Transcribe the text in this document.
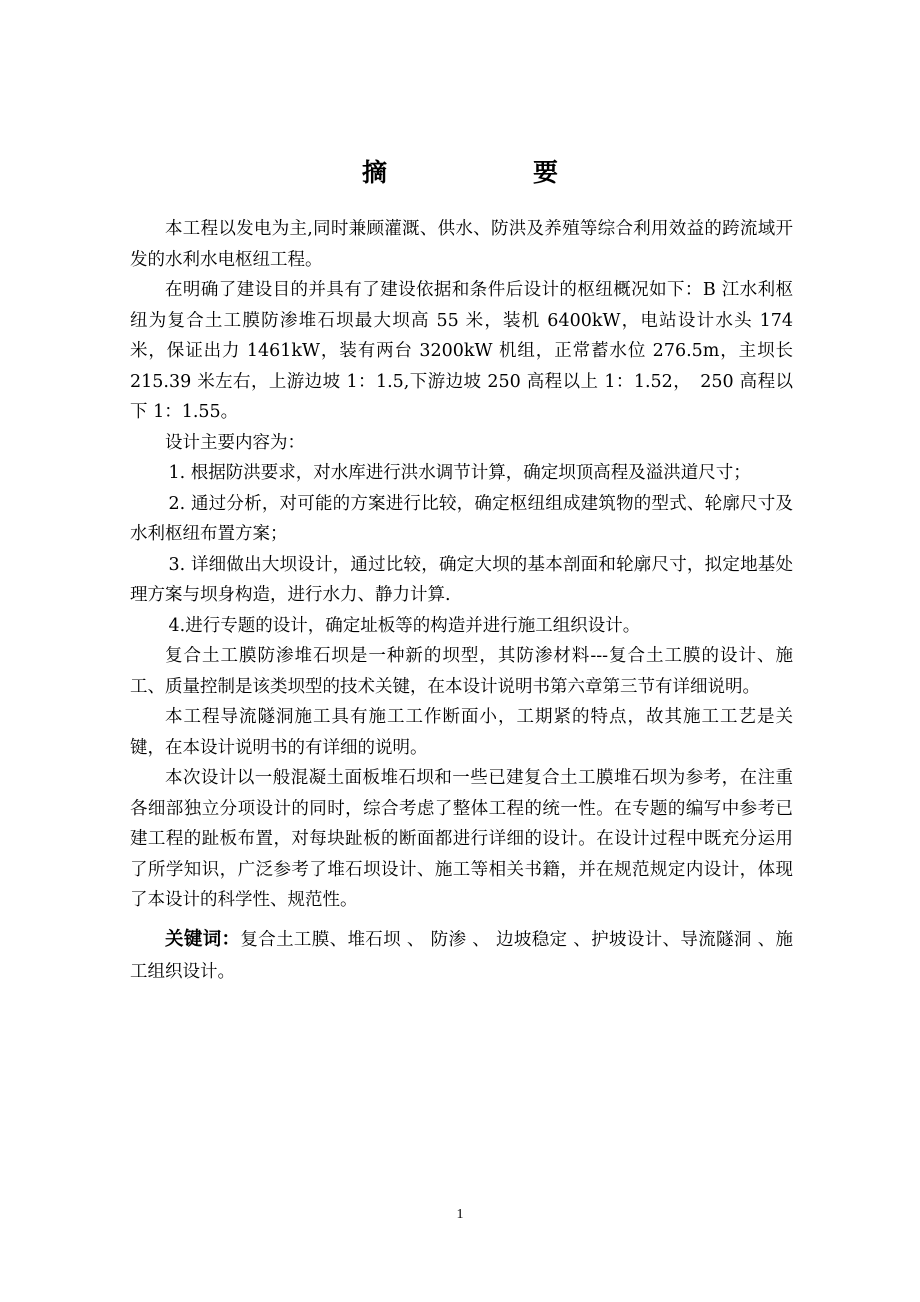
摘　　要

本工程以发电为主,同时兼顾灌溉、供水、防洪及养殖等综合利用效益的跨流域开发的水利水电枢纽工程。

在明确了建设目的并具有了建设依据和条件后设计的枢纽概况如下：B 江水利枢纽为复合土工膜防渗堆石坝最大坝高 55 米，装机 6400kW，电站设计水头 174 米，保证出力 1461kW，装有两台 3200kW 机组，正常蓄水位 276.5m，主坝长 215.39 米左右，上游边坡 1：1.5,下游边坡 250 高程以上 1：1.52，　250 高程以下 1：1.55。

设计主要内容为：

1. 根据防洪要求，对水库进行洪水调节计算，确定坝顶高程及溢洪道尺寸；

2. 通过分析，对可能的方案进行比较，确定枢纽组成建筑物的型式、轮廓尺寸及水利枢纽布置方案；

3. 详细做出大坝设计，通过比较，确定大坝的基本剖面和轮廓尺寸，拟定地基处理方案与坝身构造，进行水力、静力计算.

4.进行专题的设计，确定址板等的构造并进行施工组织设计。

复合土工膜防渗堆石坝是一种新的坝型，其防渗材料---复合土工膜的设计、施工、质量控制是该类坝型的技术关键，在本设计说明书第六章第三节有详细说明。

本工程导流隧洞施工具有施工工作断面小，工期紧的特点，故其施工工艺是关键，在本设计说明书的有详细的说明。

本次设计以一般混凝土面板堆石坝和一些已建复合土工膜堆石坝为参考，在注重各细部独立分项设计的同时，综合考虑了整体工程的统一性。在专题的编写中参考已建工程的趾板布置，对每块趾板的断面都进行详细的设计。在设计过程中既充分运用了所学知识，广泛参考了堆石坝设计、施工等相关书籍，并在规范规定内设计，体现了本设计的科学性、规范性。

关键词：复合土工膜、堆石坝 、 防渗 、 边坡稳定 、护坡设计、导流隧洞 、施工组织设计。

1
